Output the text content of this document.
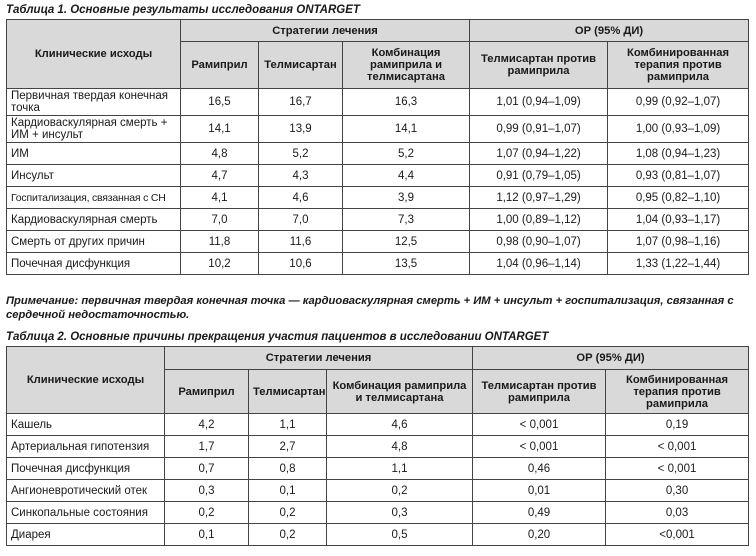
Таблица 1. Основные результаты исследования ONTARGET
Клинические исходы	Стратегии лечения			ОР (95% ДИ)	
	Рамиприл	Телмисартан	Комбинация рамиприла и телмисартана	Телмисартан против рамиприла	Комбинированная терапия против рамиприла
Первичная твердая конечная точка	16,5	16,7	16,3	1,01 (0,94–1,09)	0,99 (0,92–1,07)
Кардиоваскулярная смерть + ИМ + инсульт	14,1	13,9	14,1	0,99 (0,91–1,07)	1,00 (0,93–1,09)
ИМ	4,8	5,2	5,2	1,07 (0,94–1,22)	1,08 (0,94–1,23)
Инсульт	4,7	4,3	4,4	0,91 (0,79–1,05)	0,93 (0,81–1,07)
Госпитализация, связанная с СН	4,1	4,6	3,9	1,12 (0,97–1,29)	0,95 (0,82–1,10)
Кардиоваскулярная смерть	7,0	7,0	7,3	1,00 (0,89–1,12)	1,04 (0,93–1,17)
Смерть от других причин	11,8	11,6	12,5	0,98 (0,90–1,07)	1,07 (0,98–1,16)
Почечная дисфункция	10,2	10,6	13,5	1,04 (0,96–1,14)	1,33 (1,22–1,44)
Примечание: первичная твердая конечная точка — кардиоваскулярная смерть + ИМ + инсульт + госпитализация, связанная с сердечной недостаточностью.
Таблица 2. Основные причины прекращения участия пациентов в исследовании ONTARGET
Клинические исходы	Стратегии лечения			ОР (95% ДИ)	
	Рамиприл	Телмисартан	Комбинация рамиприла и телмисартана	Телмисартан против рамиприла	Комбинированная терапия против рамиприла
Кашель	4,2	1,1	4,6	< 0,001	0,19
Артериальная гипотензия	1,7	2,7	4,8	< 0,001	< 0,001
Почечная дисфункция	0,7	0,8	1,1	0,46	< 0,001
Ангионевротический отек	0,3	0,1	0,2	0,01	0,30
Синкопальные состояния	0,2	0,2	0,3	0,49	0,03
Диарея	0,1	0,2	0,5	0,20	<0,001
